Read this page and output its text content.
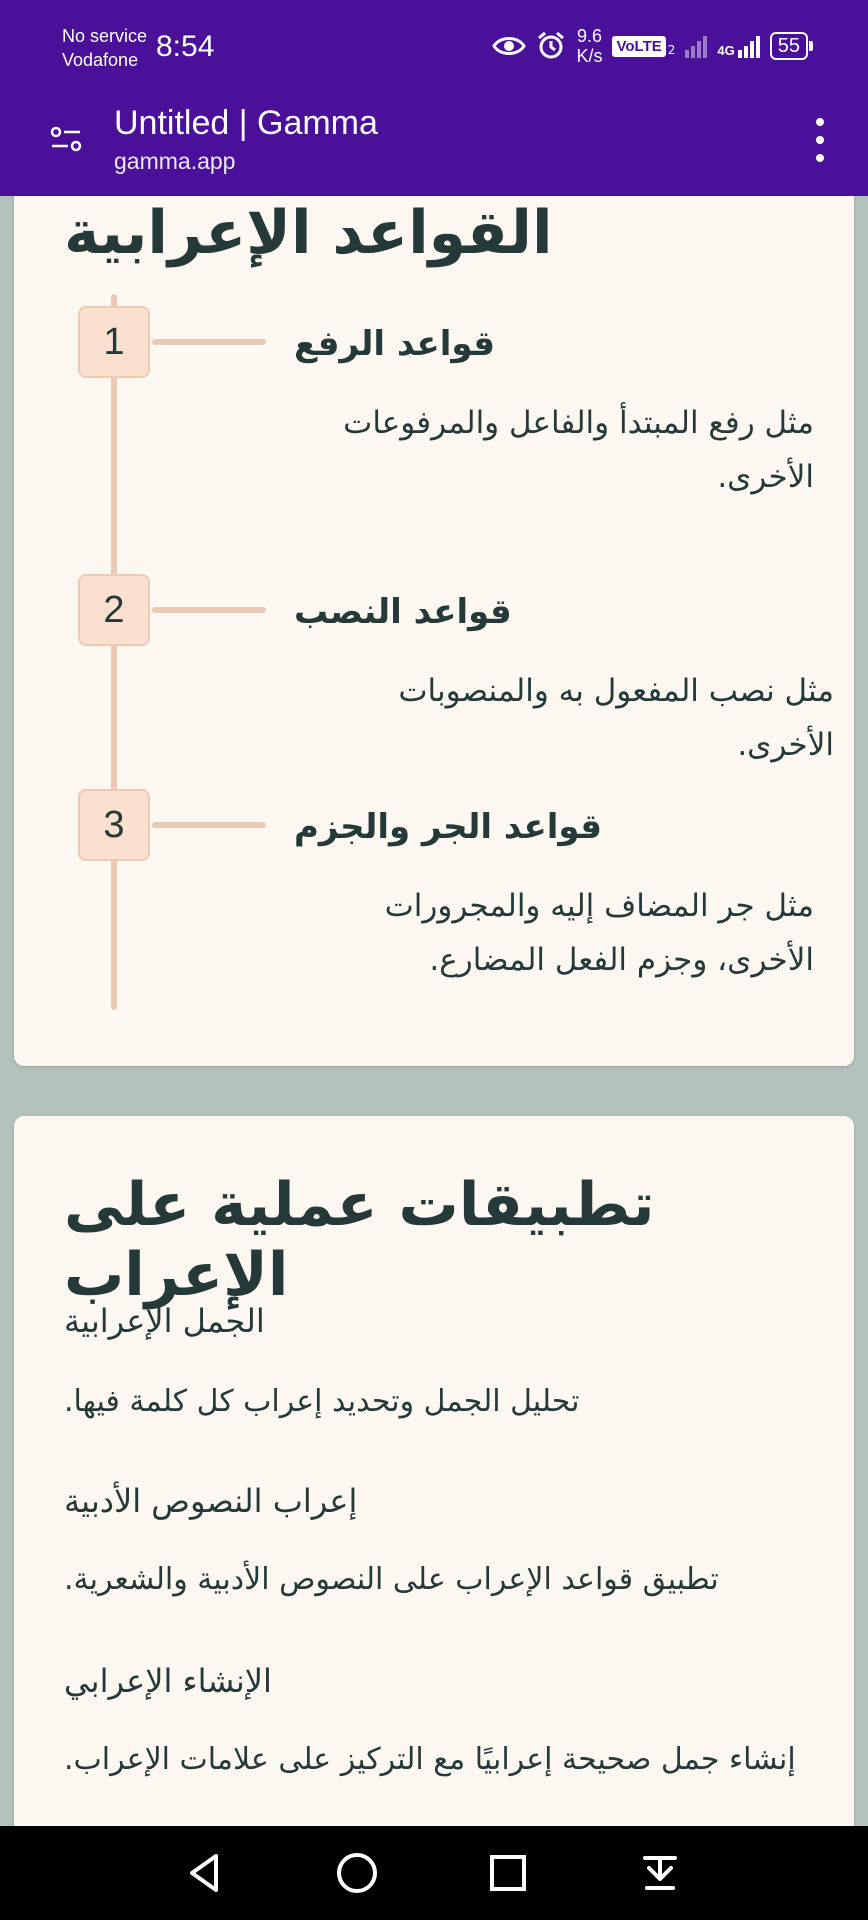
No service
Vodafone 8:54	9.6
K/s VoLTE 2	4G	55
Untitled | Gamma
gamma.app
القواعد الإعرابية
1	قواعد الرفع
مثل رفع المبتدأ والفاعل والمرفوعات الأخرى.
2	قواعد النصب
مثل نصب المفعول به والمنصوبات الأخرى.
3	قواعد الجر والجزم
مثل جر المضاف إليه والمجرورات الأخرى، وجزم الفعل المضارع.
تطبيقات عملية على الإعراب
الجمل الإعرابية
تحليل الجمل وتحديد إعراب كل كلمة فيها.
إعراب النصوص الأدبية
تطبيق قواعد الإعراب على النصوص الأدبية والشعرية.
الإنشاء الإعرابي
إنشاء جمل صحيحة إعرابيًا مع التركيز على علامات الإعراب.
